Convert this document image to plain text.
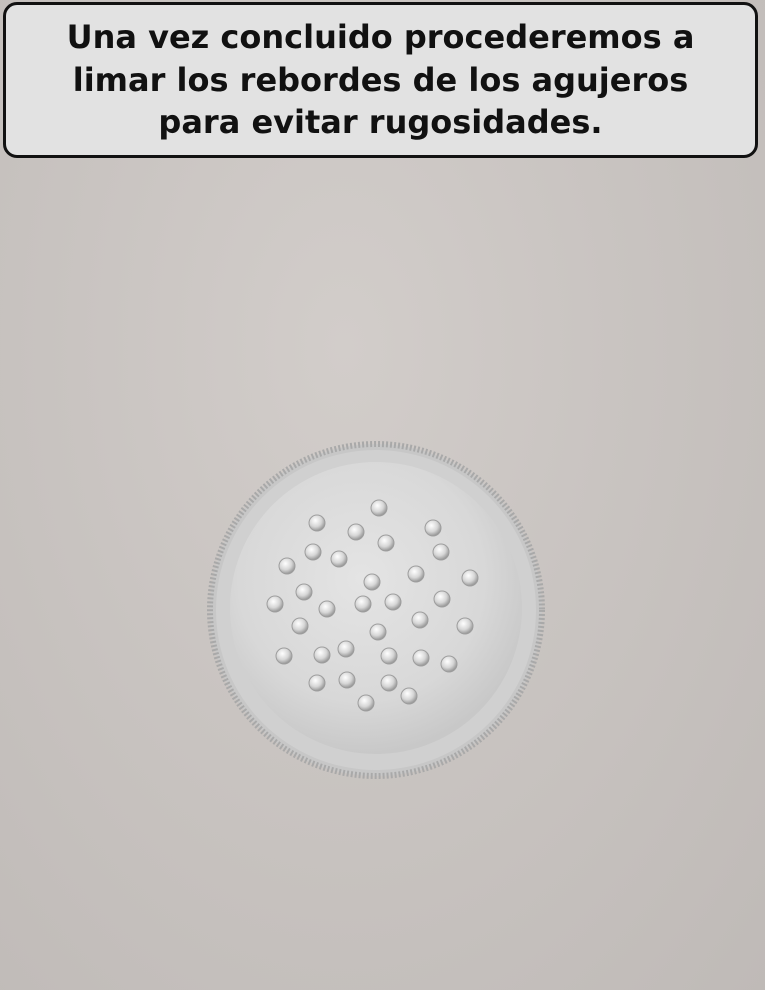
Una vez concluido procederemos a
limar los rebordes de los agujeros
para evitar rugosidades.
